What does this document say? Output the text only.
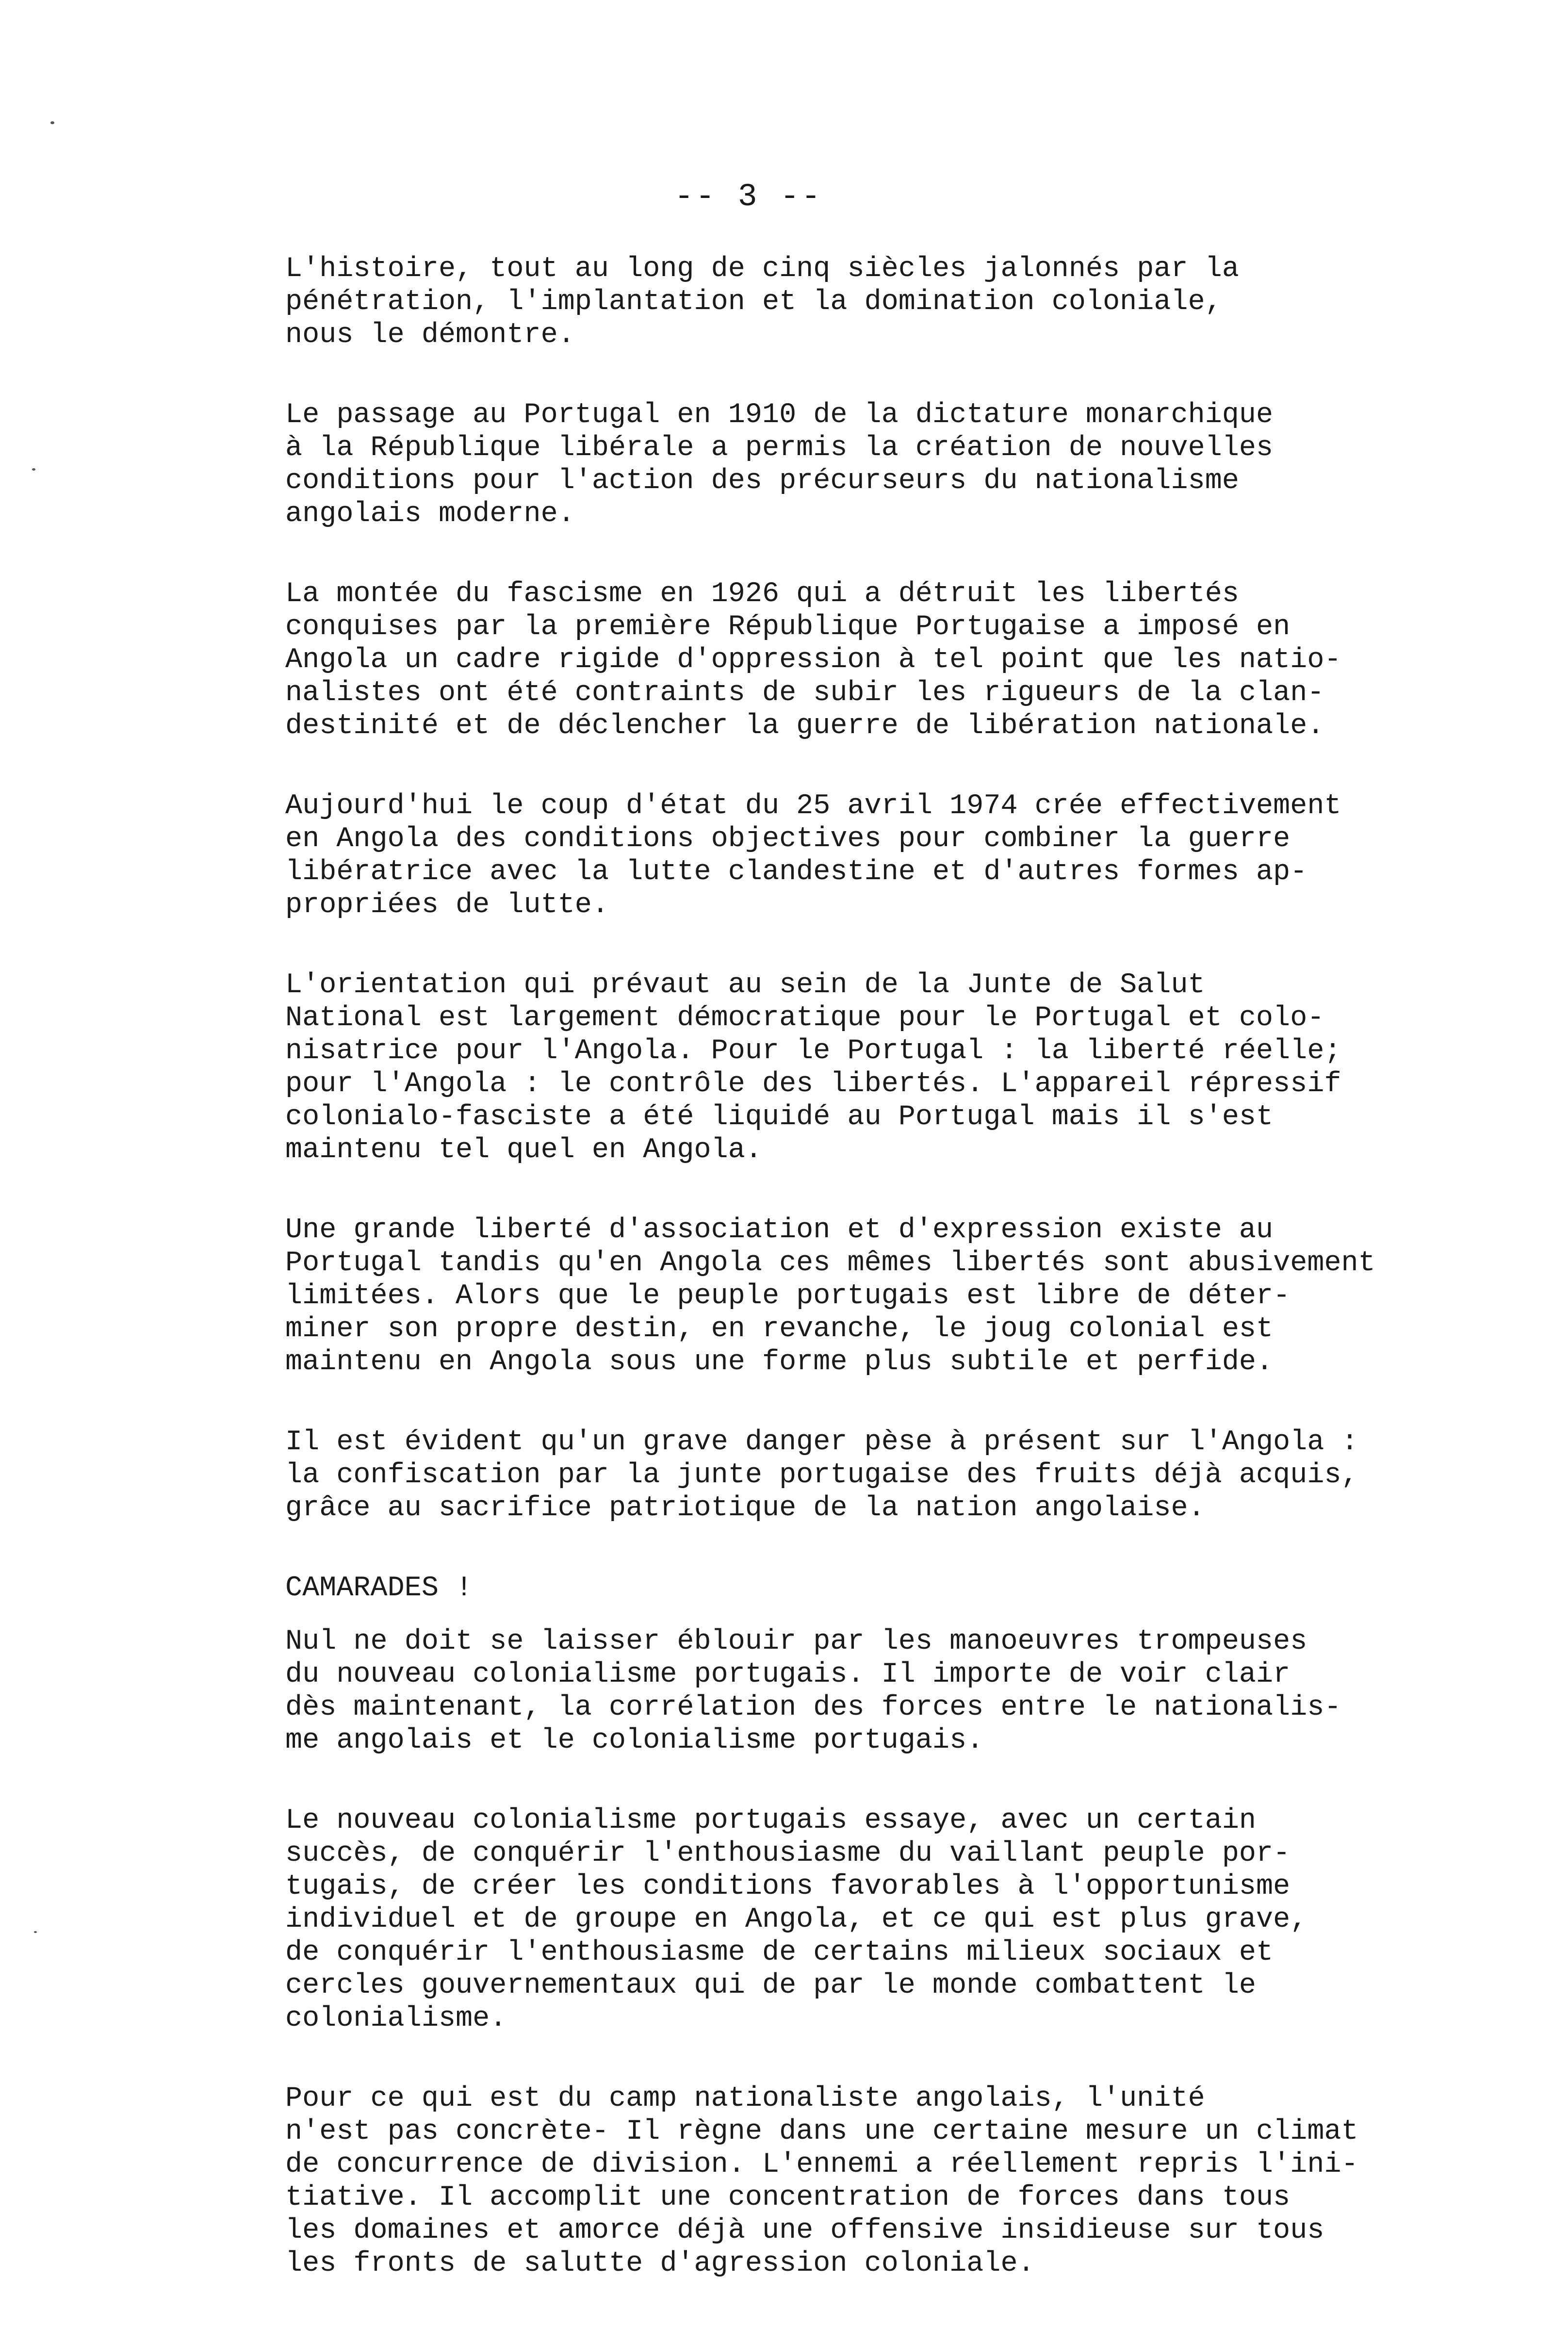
-- 3 --

L'histoire, tout au long de cinq siècles jalonnés par la
pénétration, l'implantation et la domination coloniale,
nous le démontre.

Le passage au Portugal en 1910 de la dictature monarchique
à la République libérale a permis la création de nouvelles
conditions pour l'action des précurseurs du nationalisme
angolais moderne.

La montée du fascisme en 1926 qui a détruit les libertés
conquises par la première République Portugaise a imposé en
Angola un cadre rigide d'oppression à tel point que les natio-
nalistes ont été contraints de subir les rigueurs de la clan-
destinité et de déclencher la guerre de libération nationale.

Aujourd'hui le coup d'état du 25 avril 1974 crée effectivement
en Angola des conditions objectives pour combiner la guerre
libératrice avec la lutte clandestine et d'autres formes ap-
propriées de lutte.

L'orientation qui prévaut au sein de la Junte de Salut
National est largement démocratique pour le Portugal et colo-
nisatrice pour l'Angola. Pour le Portugal : la liberté réelle;
pour l'Angola : le contrôle des libertés. L'appareil répressif
colonialo-fasciste a été liquidé au Portugal mais il s'est
maintenu tel quel en Angola.

Une grande liberté d'association et d'expression existe au
Portugal tandis qu'en Angola ces mêmes libertés sont abusivement
limitées. Alors que le peuple portugais est libre de déter-
miner son propre destin, en revanche, le joug colonial est
maintenu en Angola sous une forme plus subtile et perfide.

Il est évident qu'un grave danger pèse à présent sur l'Angola :
la confiscation par la junte portugaise des fruits déjà acquis,
grâce au sacrifice patriotique de la nation angolaise.

CAMARADES !

Nul ne doit se laisser éblouir par les manoeuvres trompeuses
du nouveau colonialisme portugais. Il importe de voir clair
dès maintenant, la corrélation des forces entre le nationalis-
me angolais et le colonialisme portugais.

Le nouveau colonialisme portugais essaye, avec un certain
succès, de conquérir l'enthousiasme du vaillant peuple por-
tugais, de créer les conditions favorables à l'opportunisme
individuel et de groupe en Angola, et ce qui est plus grave,
de conquérir l'enthousiasme de certains milieux sociaux et
cercles gouvernementaux qui de par le monde combattent le
colonialisme.

Pour ce qui est du camp nationaliste angolais, l'unité
n'est pas concrète- Il règne dans une certaine mesure un climat
de concurrence de division. L'ennemi a réellement repris l'ini-
tiative. Il accomplit une concentration de forces dans tous
les domaines et amorce déjà une offensive insidieuse sur tous
les fronts de salutte d'agression coloniale.
